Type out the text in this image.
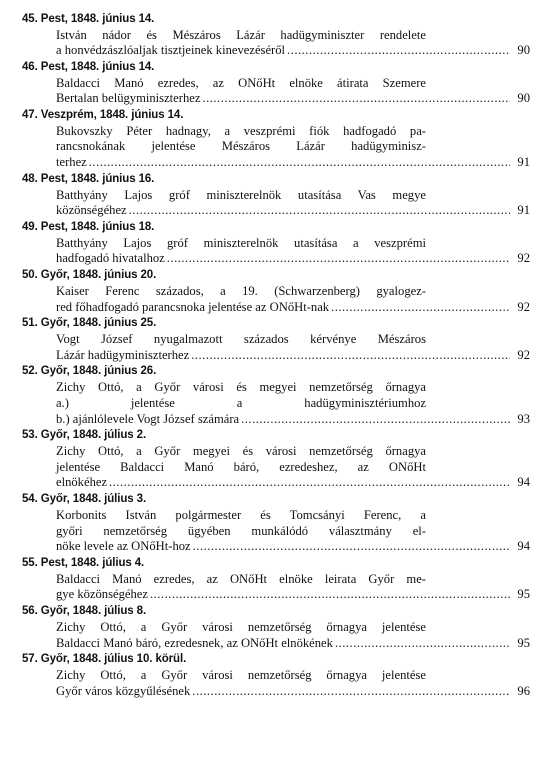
45. Pest, 1848. június 14.
István nádor és Mészáros Lázár hadügyminiszter rendelete
a honvédzászlóaljak tisztjeinek kinevezéséről .....	90
46. Pest, 1848. június 14.
Baldacci Manó ezredes, az ONőHt elnöke átirata Szemere
Bertalan belügyminiszterhez .....	90
47. Veszprém, 1848. június 14.
Bukovszky Péter hadnagy, a veszprémi fiók hadfogadó pa-
rancsnokának jelentése Mészáros Lázár hadügyminisz-
terhez .....	91
48. Pest, 1848. június 16.
Batthyány Lajos gróf miniszterelnök utasítása Vas megye
közönségéhez .....	91
49. Pest, 1848. június 18.
Batthyány Lajos gróf miniszterelnök utasítása a veszprémi
hadfogadó hivatalhoz .....	92
50. Győr, 1848. június 20.
Kaiser Ferenc százados, a 19. (Schwarzenberg) gyalogez-
red főhadfogadó parancsnoka jelentése az ONőHt-nak .....	92
51. Győr, 1848. június 25.
Vogt József nyugalmazott százados kérvénye Mészáros
Lázár hadügyminiszterhez .....	92
52. Győr, 1848. június 26.
Zichy Ottó, a Győr városi és megyei nemzetőrség őrnagya
a.) jelentése a hadügyminisztériumhoz
b.) ajánlólevele Vogt József számára .....	93
53. Győr, 1848. július 2.
Zichy Ottó, a Győr megyei és városi nemzetőrség őrnagya
jelentése Baldacci Manó báró, ezredeshez, az ONőHt
elnökéhez .....	94
54. Győr, 1848. július 3.
Korbonits István polgármester és Tomcsányi Ferenc, a
győri nemzetőrség ügyében munkálódó választmány el-
nöke levele az ONőHt-hoz .....	94
55. Pest, 1848. július 4.
Baldacci Manó ezredes, az ONőHt elnöke leirata Győr me-
gye közönségéhez .....	95
56. Győr, 1848. július 8.
Zichy Ottó, a Győr városi nemzetőrség őrnagya jelentése
Baldacci Manó báró, ezredesnek, az ONőHt elnökének .....	95
57. Győr, 1848. július 10. körül.
Zichy Ottó, a Győr városi nemzetőrség őrnagya jelentése
Győr város közgyűlésének .....	96
